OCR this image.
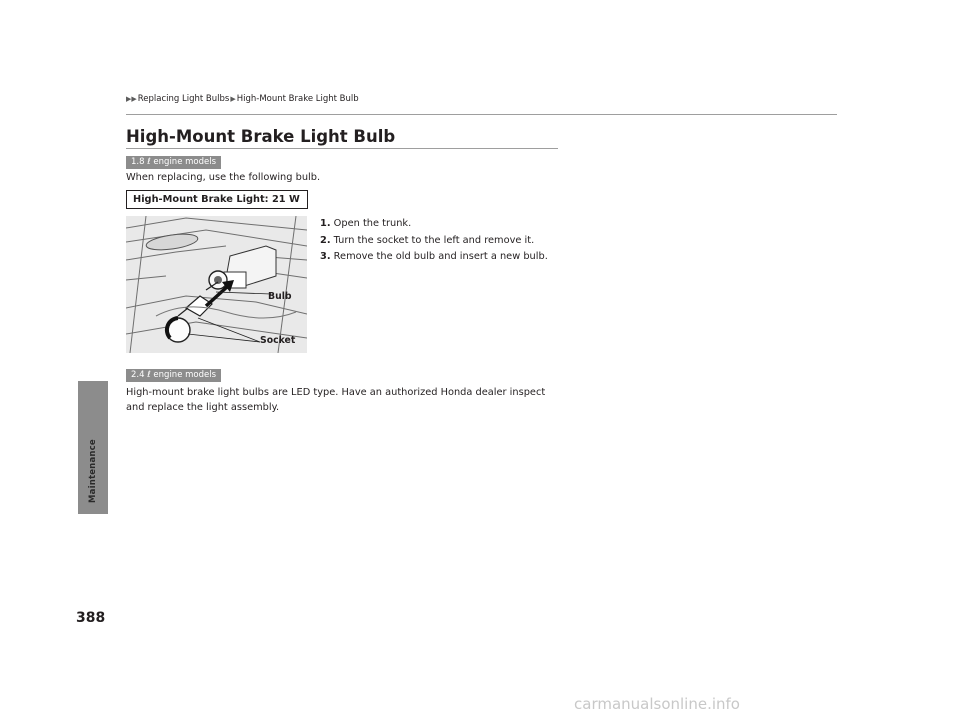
▶▶ Replacing Light Bulbs ▶ High-Mount Brake Light Bulb
High-Mount Brake Light Bulb
1.8 ℓ engine models
When replacing, use the following bulb.
High-Mount Brake Light: 21 W
Bulb
Socket
1. Open the trunk.
2. Turn the socket to the left and remove it.
3. Remove the old bulb and insert a new bulb.
2.4 ℓ engine models
High-mount brake light bulbs are LED type. Have an authorized Honda dealer inspect and replace the light assembly.
Maintenance
388
carmanualsonline.info
